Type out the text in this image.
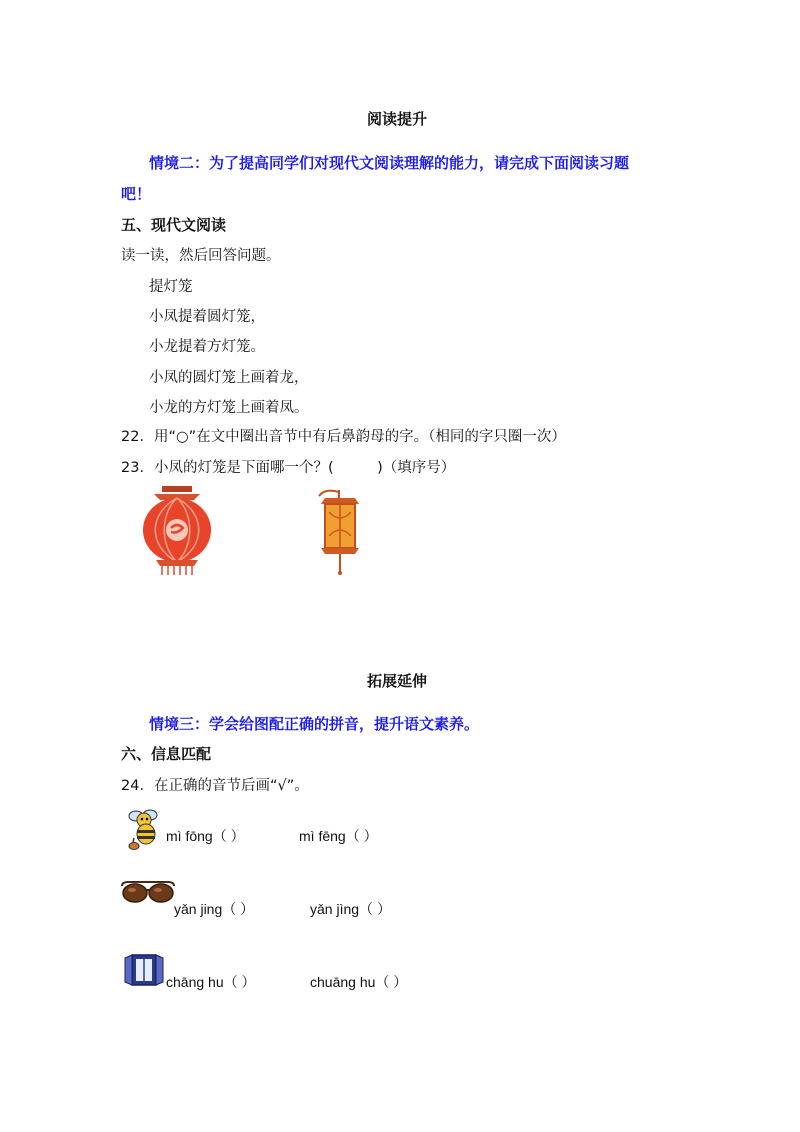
阅读提升
情境二：为了提高同学们对现代文阅读理解的能力，请完成下面阅读习题
吧！
五、现代文阅读
读一读，然后回答问题。
提灯笼
小凤提着圆灯笼，
小龙提着方灯笼。
小凤的圆灯笼上画着龙，
小龙的方灯笼上画着凤。
22．用“○”在文中圈出音节中有后鼻韵母的字。（相同的字只圈一次）
23．小凤的灯笼是下面哪一个？(　　　)（填序号）
拓展延伸
情境三：学会给图配正确的拼音，提升语文素养。
六、信息匹配
24．在正确的音节后画“√”。
mì fōng（ ）	mì fēng（ ）
yǎn jing（ ）	yǎn jìng（ ）
chāng hu（ ）	chuāng hu（ ）
